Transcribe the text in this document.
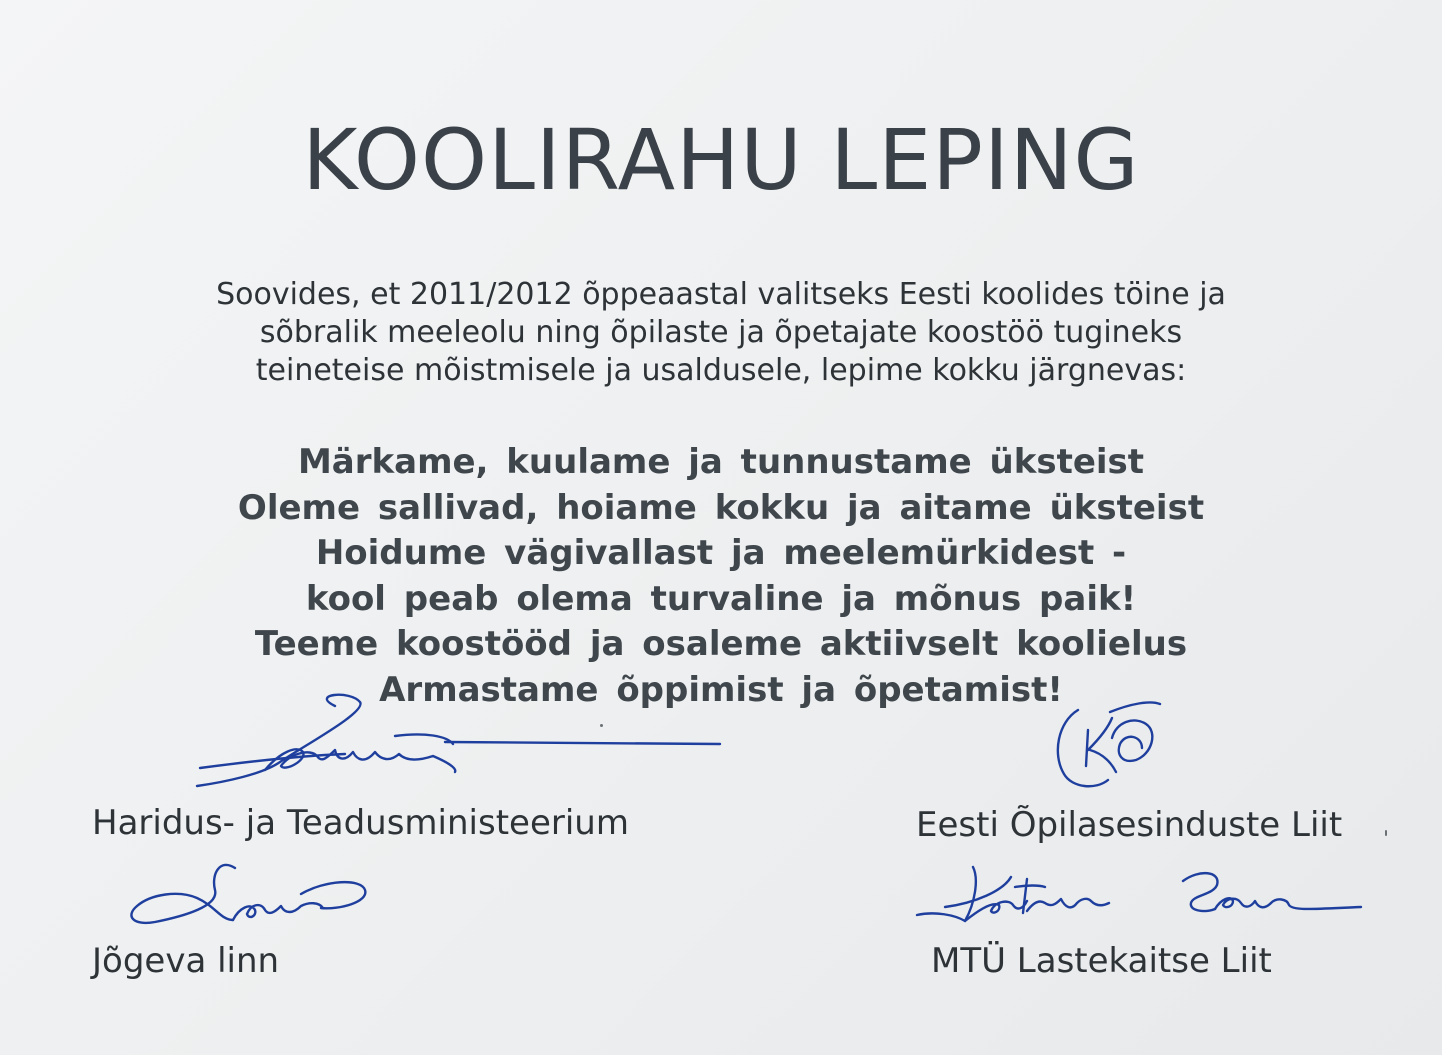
KOOLIRAHU LEPING
Soovides, et 2011/2012 õppeaastal valitseks Eesti koolides töine ja
sõbralik meeleolu ning õpilaste ja õpetajate koostöö tugineks
teineteise mõistmisele ja usaldusele, lepime kokku järgnevas:
Märkame, kuulame ja tunnustame üksteist
Oleme sallivad, hoiame kokku ja aitame üksteist
Hoidume vägivallast ja meelemürkidest -
kool peab olema turvaline ja mõnus paik!
Teeme koostööd ja osaleme aktiivselt koolielus
Armastame õppimist ja õpetamist!
Haridus- ja Teadusministeerium	Eesti Õpilasesinduste Liit
Jõgeva linn	MTÜ Lastekaitse Liit
